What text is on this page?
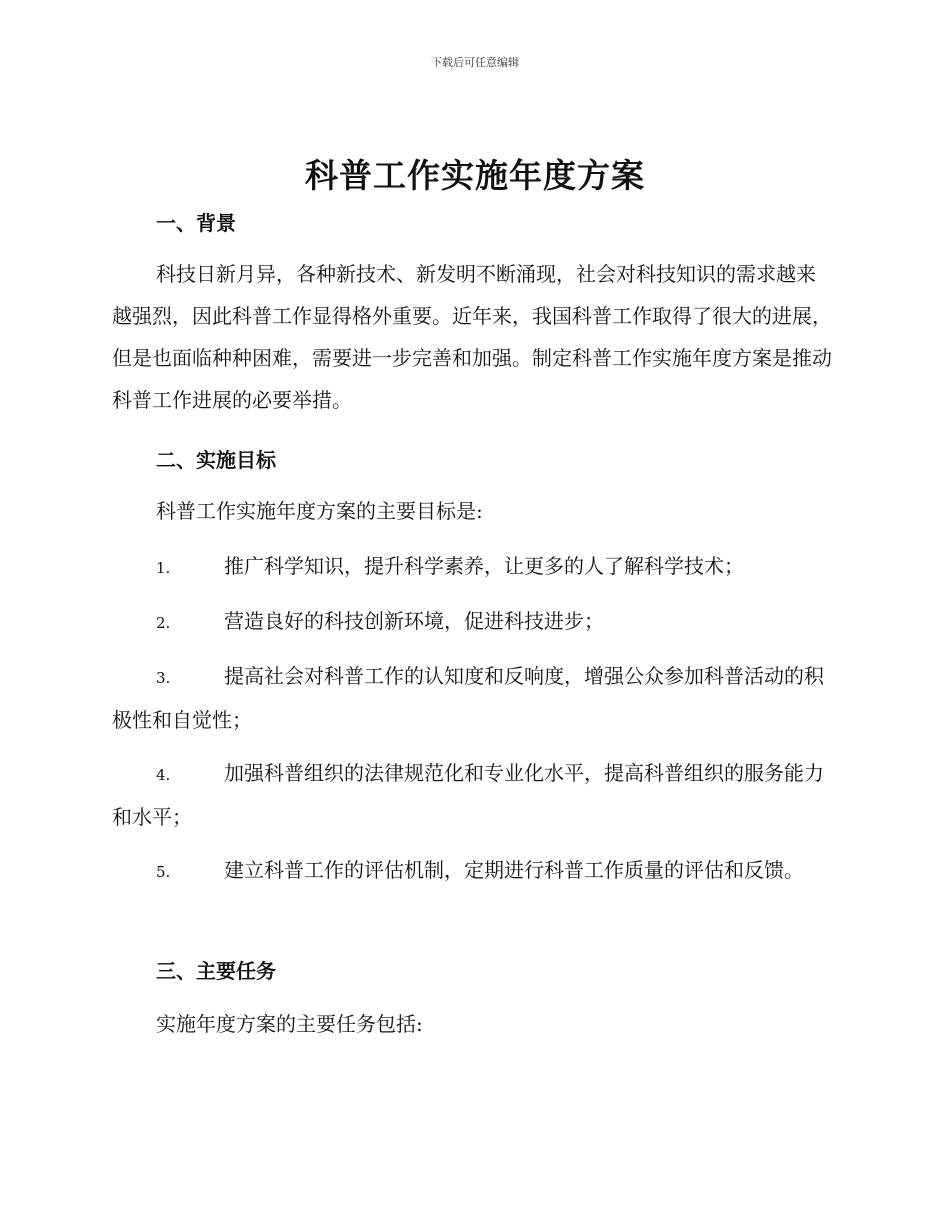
下载后可任意编辑
科普工作实施年度方案
一、背景

科技日新月异，各种新技术、新发明不断涌现，社会对科技知识的需求越来越强烈，因此科普工作显得格外重要。近年来，我国科普工作取得了很大的进展，但是也面临种种困难，需要进一步完善和加强。制定科普工作实施年度方案是推动科普工作进展的必要举措。

二、实施目标

科普工作实施年度方案的主要目标是:

1.	推广科学知识，提升科学素养，让更多的人了解科学技术；

2.	营造良好的科技创新环境，促进科技进步；

3.	提高社会对科普工作的认知度和反响度，增强公众参加科普活动的积极性和自觉性；

4.	加强科普组织的法律规范化和专业化水平，提高科普组织的服务能力和水平；

5.	建立科普工作的评估机制，定期进行科普工作质量的评估和反馈。

三、主要任务

实施年度方案的主要任务包括:
